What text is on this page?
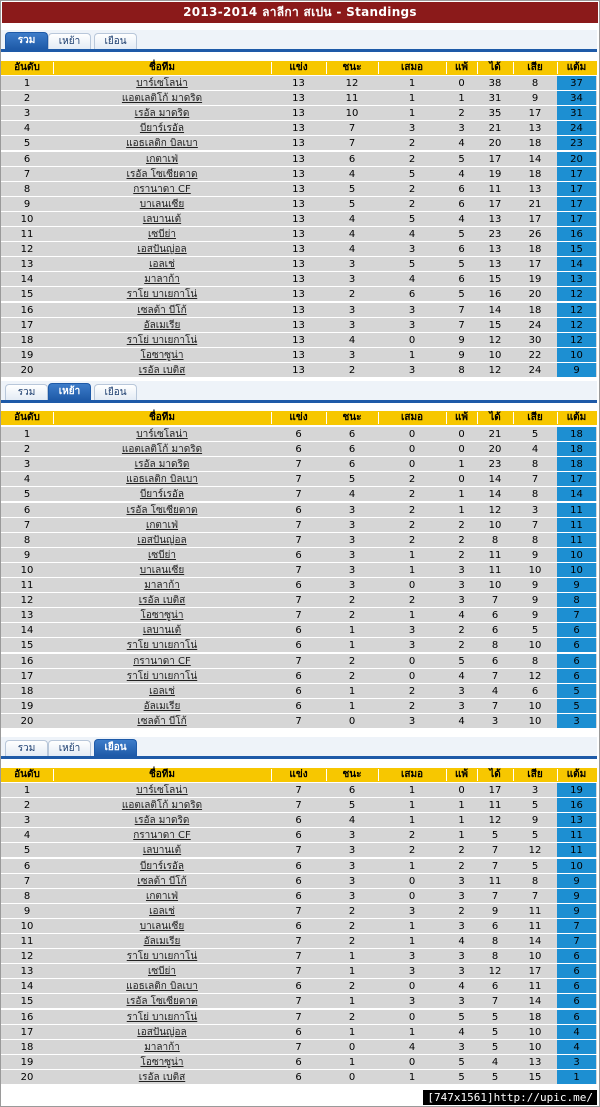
2013-2014 ลาลีกา สเปน - Standings
รวม	เหย้า	เยือน
อันดับ	ชื่อทีม	แข่ง	ชนะ	เสมอ	แพ้	ได้	เสีย	แต้ม
1	บาร์เซโลน่า	13	12	1	0	38	8	37
2	แอตเลติโก้ มาดริด	13	11	1	1	31	9	34
3	เรอัล มาดริด	13	10	1	2	35	17	31
4	บียาร์เรอัล	13	7	3	3	21	13	24
5	แอธเลติก บิลเบา	13	7	2	4	20	18	23
6	เกตาเฟ่	13	6	2	5	17	14	20
7	เรอัล โซเซียดาด	13	4	5	4	19	18	17
8	กรานาดา CF	13	5	2	6	11	13	17
9	บาเลนเซีย	13	5	2	6	17	21	17
10	เลบานเต้	13	4	5	4	13	17	17
11	เซบีย่า	13	4	4	5	23	26	16
12	เอสปันญ่อล	13	4	3	6	13	18	15
13	เอลเช่	13	3	5	5	13	17	14
14	มาลาก้า	13	3	4	6	15	19	13
15	ราโย บาเยกาโน่	13	2	6	5	16	20	12
16	เซลต้า บีโก้	13	3	3	7	14	18	12
17	อัลเมเรีย	13	3	3	7	15	24	12
18	ราโย่ บาเยกาโน่	13	4	0	9	12	30	12
19	โอซาซูน่า	13	3	1	9	10	22	10
20	เรอัล เบติส	13	2	3	8	12	24	9
รวม	เหย้า	เยือน
อันดับ	ชื่อทีม	แข่ง	ชนะ	เสมอ	แพ้	ได้	เสีย	แต้ม
1	บาร์เซโลน่า	6	6	0	0	21	5	18
2	แอตเลติโก้ มาดริด	6	6	0	0	20	4	18
3	เรอัล มาดริด	7	6	0	1	23	8	18
4	แอธเลติก บิลเบา	7	5	2	0	14	7	17
5	บียาร์เรอัล	7	4	2	1	14	8	14
6	เรอัล โซเซียดาด	6	3	2	1	12	3	11
7	เกตาเฟ่	7	3	2	2	10	7	11
8	เอสปันญ่อล	7	3	2	2	8	8	11
9	เซบีย่า	6	3	1	2	11	9	10
10	บาเลนเซีย	7	3	1	3	11	10	10
11	มาลาก้า	6	3	0	3	10	9	9
12	เรอัล เบติส	7	2	2	3	7	9	8
13	โอซาซูน่า	7	2	1	4	6	9	7
14	เลบานเต้	6	1	3	2	6	5	6
15	ราโย บาเยกาโน่	6	1	3	2	8	10	6
16	กรานาดา CF	7	2	0	5	6	8	6
17	ราโย่ บาเยกาโน่	6	2	0	4	7	12	6
18	เอลเช่	6	1	2	3	4	6	5
19	อัลเมเรีย	6	1	2	3	7	10	5
20	เซลต้า บีโก้	7	0	3	4	3	10	3
รวม	เหย้า	เยือน
อันดับ	ชื่อทีม	แข่ง	ชนะ	เสมอ	แพ้	ได้	เสีย	แต้ม
1	บาร์เซโลน่า	7	6	1	0	17	3	19
2	แอตเลติโก้ มาดริด	7	5	1	1	11	5	16
3	เรอัล มาดริด	6	4	1	1	12	9	13
4	กรานาดา CF	6	3	2	1	5	5	11
5	เลบานเต้	7	3	2	2	7	12	11
6	บียาร์เรอัล	6	3	1	2	7	5	10
7	เซลต้า บีโก้	6	3	0	3	11	8	9
8	เกตาเฟ่	6	3	0	3	7	7	9
9	เอลเช่	7	2	3	2	9	11	9
10	บาเลนเซีย	6	2	1	3	6	11	7
11	อัลเมเรีย	7	2	1	4	8	14	7
12	ราโย บาเยกาโน่	7	1	3	3	8	10	6
13	เซบีย่า	7	1	3	3	12	17	6
14	แอธเลติก บิลเบา	6	2	0	4	6	11	6
15	เรอัล โซเซียดาด	7	1	3	3	7	14	6
16	ราโย่ บาเยกาโน่	7	2	0	5	5	18	6
17	เอสปันญ่อล	6	1	1	4	5	10	4
18	มาลาก้า	7	0	4	3	5	10	4
19	โอซาซูน่า	6	1	0	5	4	13	3
20	เรอัล เบติส	6	0	1	5	5	15	1
[747x1561]http://upic.me/
